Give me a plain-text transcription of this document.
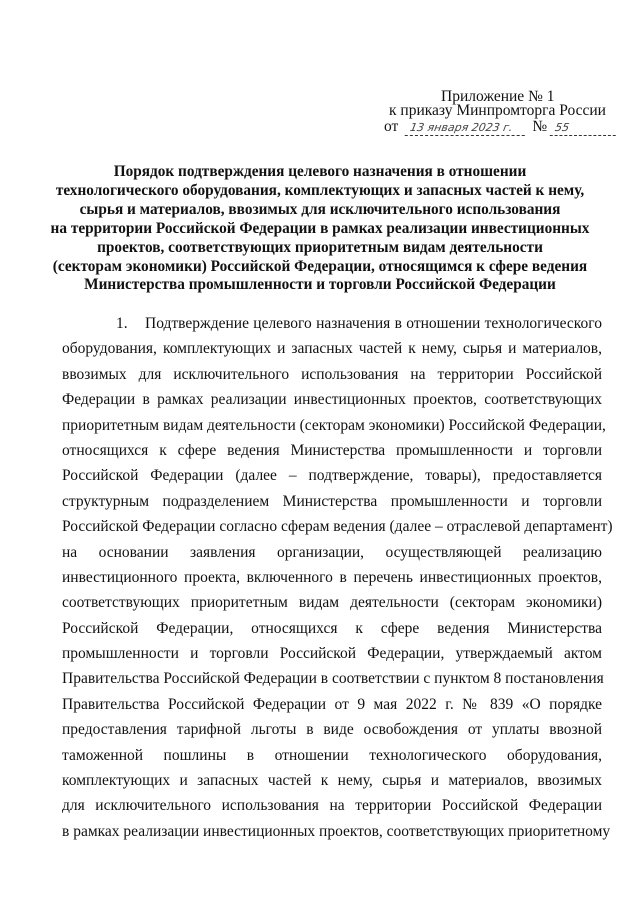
Приложение № 1
к приказу Минпромторга России
от	13 января 2023 г.	№ 55
Порядок подтверждения целевого назначения в отношении
технологического оборудования, комплектующих и запасных частей к нему,
сырья и материалов, ввозимых для исключительного использования
на территории Российской Федерации в рамках реализации инвестиционных
проектов, соответствующих приоритетным видам деятельности
(секторам экономики) Российской Федерации, относящимся к сфере ведения
Министерства промышленности и торговли Российской Федерации
1.	Подтверждение целевого назначения в отношении технологического
оборудования, комплектующих и запасных частей к нему, сырья и материалов,
ввозимых для исключительного использования на территории Российской
Федерации в рамках реализации инвестиционных проектов, соответствующих
приоритетным видам деятельности (секторам экономики) Российской Федерации,
относящихся к сфере ведения Министерства промышленности и торговли
Российской Федерации (далее – подтверждение, товары), предоставляется
структурным подразделением Министерства промышленности и торговли
Российской Федерации согласно сферам ведения (далее – отраслевой департамент)
на основании заявления организации, осуществляющей реализацию
инвестиционного проекта, включенного в перечень инвестиционных проектов,
соответствующих приоритетным видам деятельности (секторам экономики)
Российской Федерации, относящихся к сфере ведения Министерства
промышленности и торговли Российской Федерации, утверждаемый актом
Правительства Российской Федерации в соответствии с пунктом 8 постановления
Правительства Российской Федерации от 9 мая 2022 г. № 839 «О порядке
предоставления тарифной льготы в виде освобождения от уплаты ввозной
таможенной пошлины в отношении технологического оборудования,
комплектующих и запасных частей к нему, сырья и материалов, ввозимых
для исключительного использования на территории Российской Федерации
в рамках реализации инвестиционных проектов, соответствующих приоритетному
